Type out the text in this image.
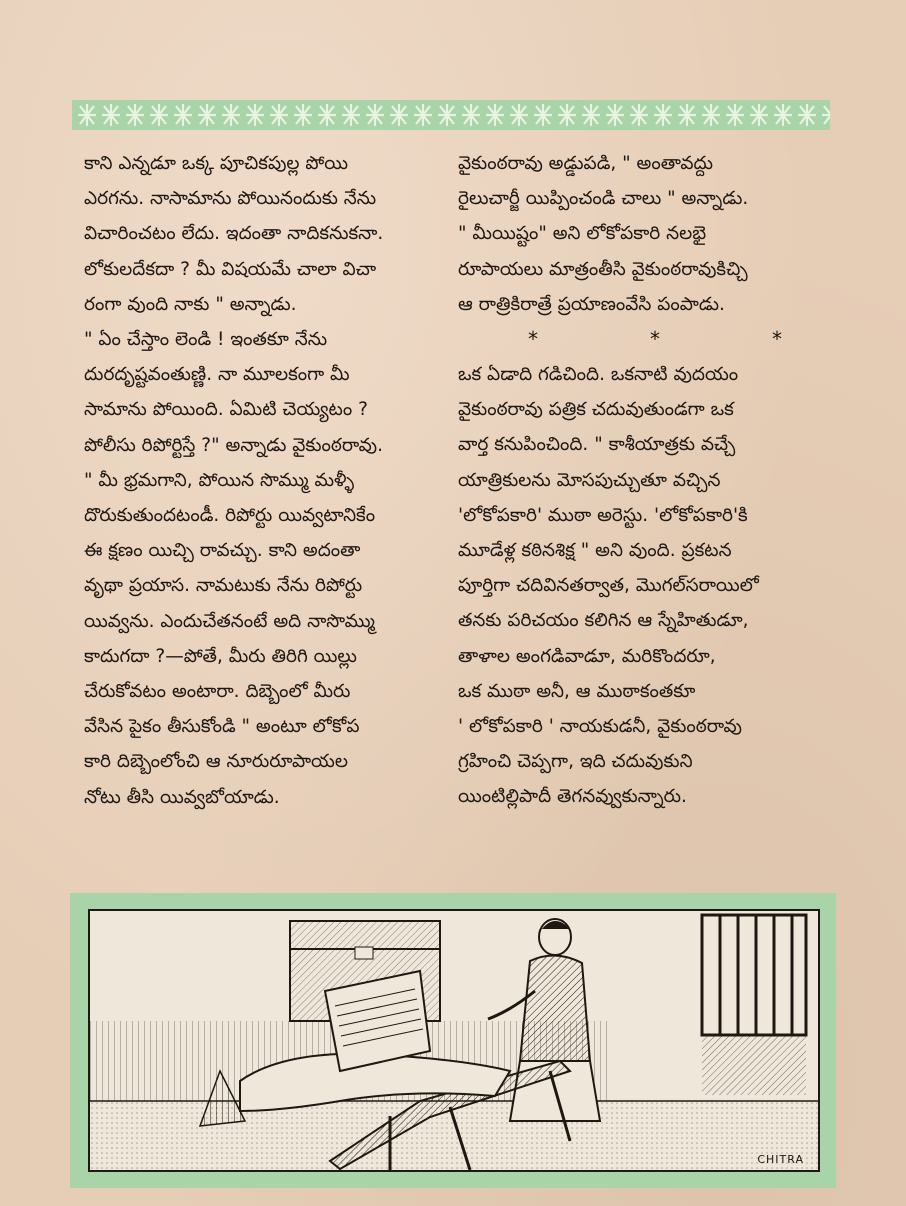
కాని ఎన్నడూ ఒక్క పూచికపుల్ల పోయి

ఎరగను. నాసామాను పోయినందుకు నేను

విచారించటం లేదు. ఇదంతా నాదికనుకనా.

లోకులదేకదా ? మీ విషయమే చాలా విచా

రంగా వుంది నాకు " అన్నాడు.

" ఏం చేస్తాం లెండి ! ఇంతకూ నేను

దురదృష్టవంతుణ్ణి. నా మూలకంగా మీ

సామాను పోయింది. ఏమిటి చెయ్యటం ?

పోలీసు రిపోర్టిస్తే ?" అన్నాడు వైకుంఠరావు.

" మీ భ్రమగాని, పోయిన సొమ్ము మళ్ళీ

దొరుకుతుందటండీ. రిపోర్టు యివ్వటానికేం

ఈ క్షణం యిచ్చి రావచ్చు. కాని అదంతా

వృథా ప్రయాస. నామటుకు నేను రిపోర్టు

యివ్వను. ఎందుచేతనంటే అది నాసొమ్ము

కాదుగదా ?—పోతే, మీరు తిరిగి యిల్లు

చేరుకోవటం అంటారా. దిబ్బెంలో మీరు

వేసిన పైకం తీసుకోండి " అంటూ లోకోప

కారి దిబ్బెంలోంచి ఆ నూరురూపాయల

నోటు తీసి యివ్వబోయాడు.

వైకుంఠరావు అడ్డుపడి, " అంతావద్దు

రైలుచార్జీ యిప్పించండి చాలు " అన్నాడు.

" మీయిష్టం" అని లోకోపకారి నలభై

రూపాయలు మాత్రంతీసి వైకుంఠరావుకిచ్చి

ఆ రాత్రికిరాత్రే ప్రయాణంవేసి పంపాడు.

*	*	*

ఒక ఏడాది గడిచింది. ఒకనాటి వుదయం

వైకుంఠరావు పత్రిక చదువుతుండగా ఒక

వార్త కనుపించింది. " కాశీయాత్రకు వచ్చే

యాత్రికులను మోసపుచ్చుతూ వచ్చిన

'లోకోపకారి' ముఠా అరెస్టు. 'లోకోపకారి'కి

మూడేళ్ల కఠినశిక్ష " అని వుంది. ప్రకటన

పూర్తిగా చదివినతర్వాత, మొగల్‌సరాయిలో

తనకు పరిచయం కలిగిన ఆ స్నేహితుడూ,

తాళాల అంగడివాడూ, మరికొందరూ,

ఒక ముఠా అనీ, ఆ ముఠాకంతకూ

' లోకోపకారి ' నాయకుడనీ, వైకుంఠరావు

గ్రహించి చెప్పగా, ఇది చదువుకుని

యింటిల్లిపాదీ తెగనవ్వుకున్నారు.

CHITRA
